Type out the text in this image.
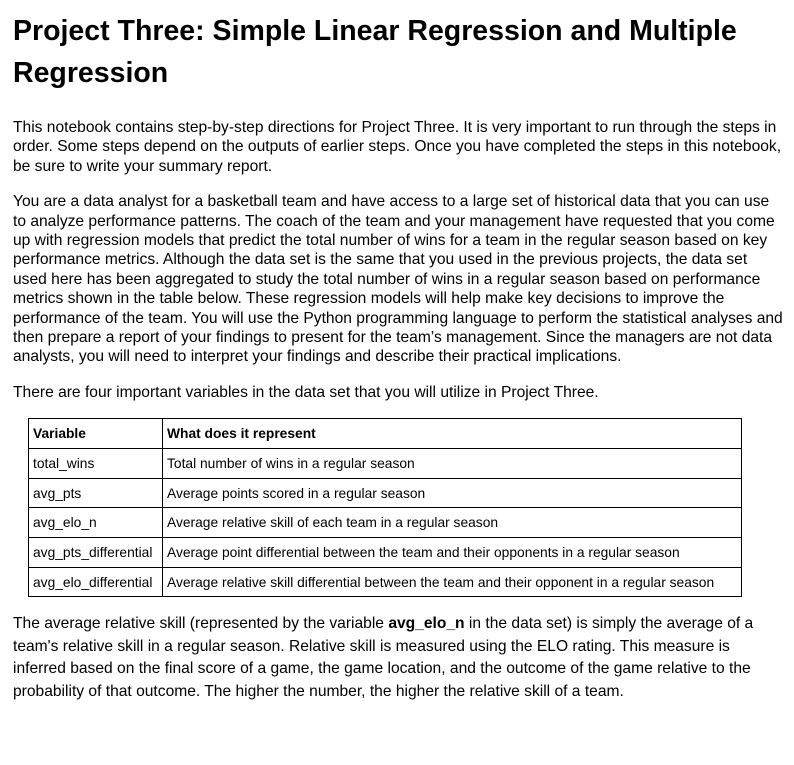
Project Three: Simple Linear Regression and Multiple Regression

This notebook contains step-by-step directions for Project Three. It is very important to run through the steps in order. Some steps depend on the outputs of earlier steps. Once you have completed the steps in this notebook, be sure to write your summary report.

You are a data analyst for a basketball team and have access to a large set of historical data that you can use to analyze performance patterns. The coach of the team and your management have requested that you come up with regression models that predict the total number of wins for a team in the regular season based on key performance metrics. Although the data set is the same that you used in the previous projects, the data set used here has been aggregated to study the total number of wins in a regular season based on performance metrics shown in the table below. These regression models will help make key decisions to improve the performance of the team. You will use the Python programming language to perform the statistical analyses and then prepare a report of your findings to present for the team’s management. Since the managers are not data analysts, you will need to interpret your findings and describe their practical implications.

There are four important variables in the data set that you will utilize in Project Three.

Variable	What does it represent
total_wins	Total number of wins in a regular season
avg_pts	Average points scored in a regular season
avg_elo_n	Average relative skill of each team in a regular season
avg_pts_differential	Average point differential between the team and their opponents in a regular season
avg_elo_differential	Average relative skill differential between the team and their opponent in a regular season

The average relative skill (represented by the variable avg_elo_n in the data set) is simply the average of a team's relative skill in a regular season. Relative skill is measured using the ELO rating. This measure is inferred based on the final score of a game, the game location, and the outcome of the game relative to the probability of that outcome. The higher the number, the higher the relative skill of a team.
